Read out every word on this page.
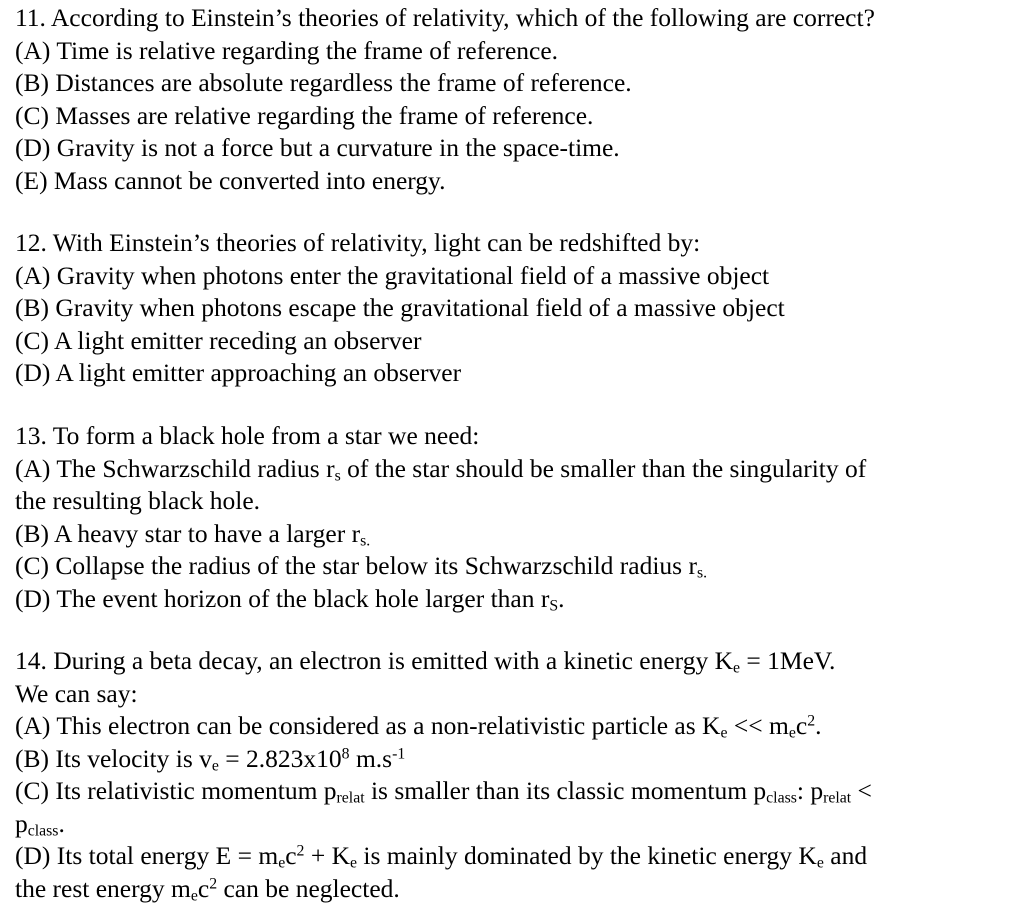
11. According to Einstein’s theories of relativity, which of the following are correct?

(A) Time is relative regarding the frame of reference.

(B) Distances are absolute regardless the frame of reference.

(C) Masses are relative regarding the frame of reference.

(D) Gravity is not a force but a curvature in the space-time.

(E) Mass cannot be converted into energy.

12. With Einstein’s theories of relativity, light can be redshifted by:

(A) Gravity when photons enter the gravitational field of a massive object

(B) Gravity when photons escape the gravitational field of a massive object

(C) A light emitter receding an observer

(D) A light emitter approaching an observer

13. To form a black hole from a star we need:

(A) The Schwarzschild radius $r_s$ of the star should be smaller than the singularity of

the resulting black hole.

(B) A heavy star to have a larger $r_{s.}$

(C) Collapse the radius of the star below its Schwarzschild radius $r_{s.}$

(D) The event horizon of the black hole larger than $r_S$.

14. During a beta decay, an electron is emitted with a kinetic energy $K_e = 1MeV$.

We can say:

(A) This electron can be considered as a non-relativistic particle as $K_e << m_ec^2$.

(B) Its velocity is $v_e = 2.823x10^8$ $m.s^{-1}$

(C) Its relativistic momentum $p_{relat}$ is smaller than its classic momentum $p_{class}$: $p_{relat}$ <

$p_{class}$.

(D) Its total energy $E = m_ec^2 + K_e$ is mainly dominated by the kinetic energy $K_e$ and

the rest energy $m_ec^2$ can be neglected.
